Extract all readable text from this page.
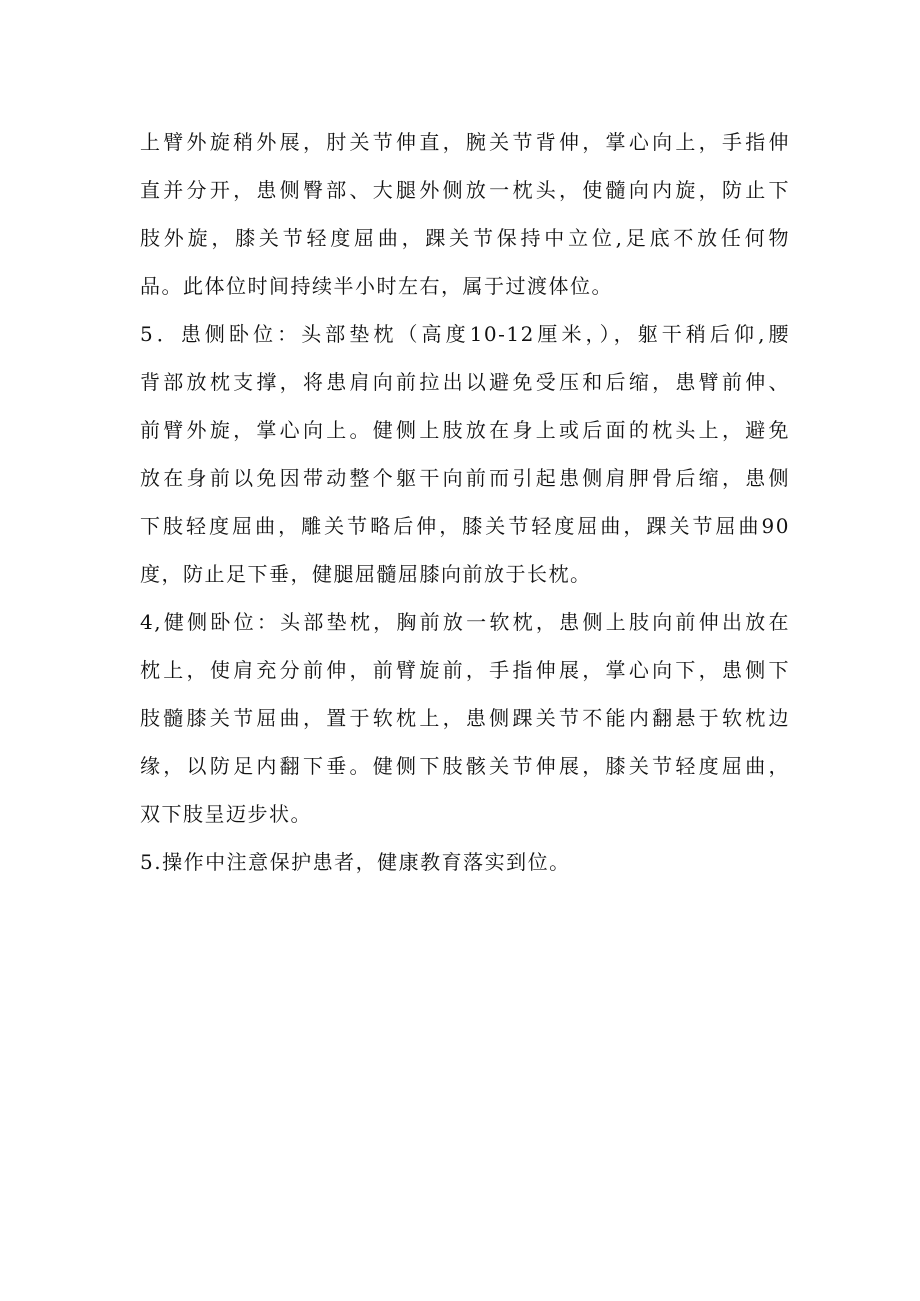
上臂外旋稍外展，肘关节伸直，腕关节背伸，掌心向上，手指伸
直并分开，患侧臀部、大腿外侧放一枕头，使髓向内旋，防止下
肢外旋，膝关节轻度屈曲，踝关节保持中立位,足底不放任何物
品。此体位时间持续半小时左右，属于过渡体位。
5．患侧卧位：头部垫枕（高度10-12厘米，），躯干稍后仰,腰
背部放枕支撑，将患肩向前拉出以避免受压和后缩，患臂前伸、
前臂外旋，掌心向上。健侧上肢放在身上或后面的枕头上，避免
放在身前以免因带动整个躯干向前而引起患侧肩胛骨后缩，患侧
下肢轻度屈曲，雕关节略后伸，膝关节轻度屈曲，踝关节屈曲90
度，防止足下垂，健腿屈髓屈膝向前放于长枕。
4,健侧卧位：头部垫枕，胸前放一软枕，患侧上肢向前伸出放在
枕上，使肩充分前伸，前臂旋前，手指伸展，掌心向下，患侧下
肢髓膝关节屈曲，置于软枕上，患侧踝关节不能内翻悬于软枕边
缘，以防足内翻下垂。健侧下肢骸关节伸展，膝关节轻度屈曲，
双下肢呈迈步状。
5.操作中注意保护患者，健康教育落实到位。
